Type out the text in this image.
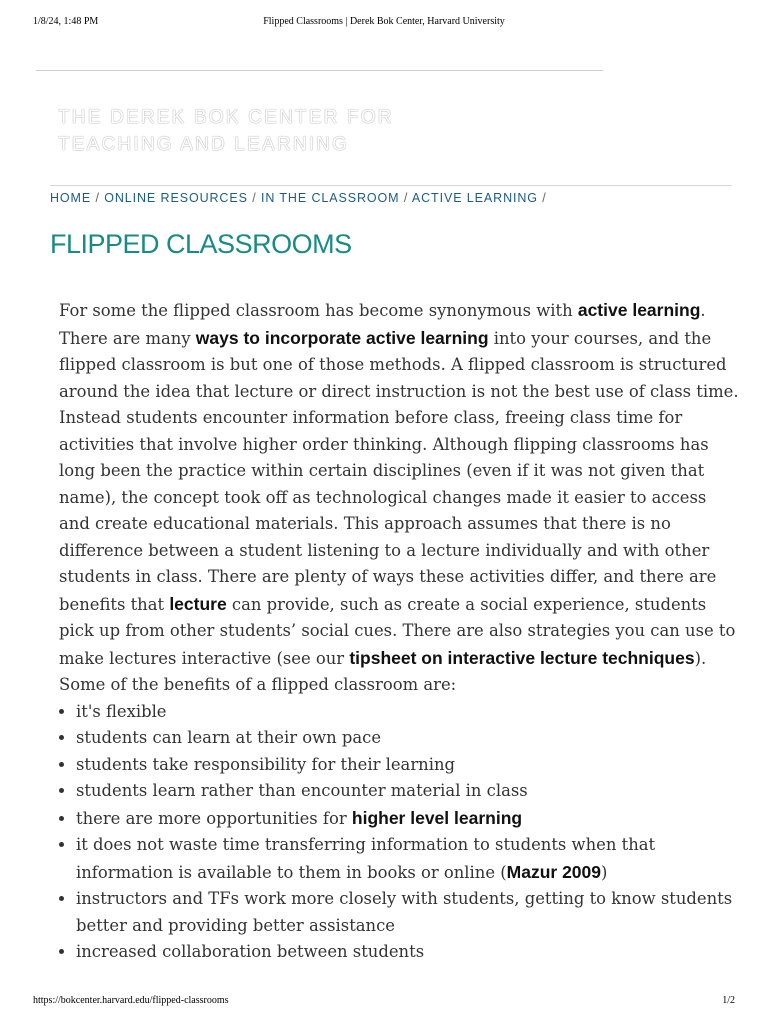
1/8/24, 1:48 PM	Flipped Classrooms | Derek Bok Center, Harvard University
THE DEREK BOK CENTER FOR
TEACHING AND LEARNING
HOME / ONLINE RESOURCES / IN THE CLASSROOM / ACTIVE LEARNING /
FLIPPED CLASSROOMS

For some the flipped classroom has become synonymous with active learning. There are many ways to incorporate active learning into your courses, and the flipped classroom is but one of those methods. A flipped classroom is structured around the idea that lecture or direct instruction is not the best use of class time. Instead students encounter information before class, freeing class time for activities that involve higher order thinking. Although flipping classrooms has long been the practice within certain disciplines (even if it was not given that name), the concept took off as technological changes made it easier to access and create educational materials. This approach assumes that there is no difference between a student listening to a lecture individually and with other students in class. There are plenty of ways these activities differ, and there are benefits that lecture can provide, such as create a social experience, students pick up from other students’ social cues. There are also strategies you can use to make lectures interactive (see our tipsheet on interactive lecture techniques).

Some of the benefits of a flipped classroom are:

• it's flexible
• students can learn at their own pace
• students take responsibility for their learning
• students learn rather than encounter material in class
• there are more opportunities for higher level learning
• it does not waste time transferring information to students when that information is available to them in books or online (Mazur 2009)
• instructors and TFs work more closely with students, getting to know students better and providing better assistance
• increased collaboration between students
https://bokcenter.harvard.edu/flipped-classrooms	1/2
